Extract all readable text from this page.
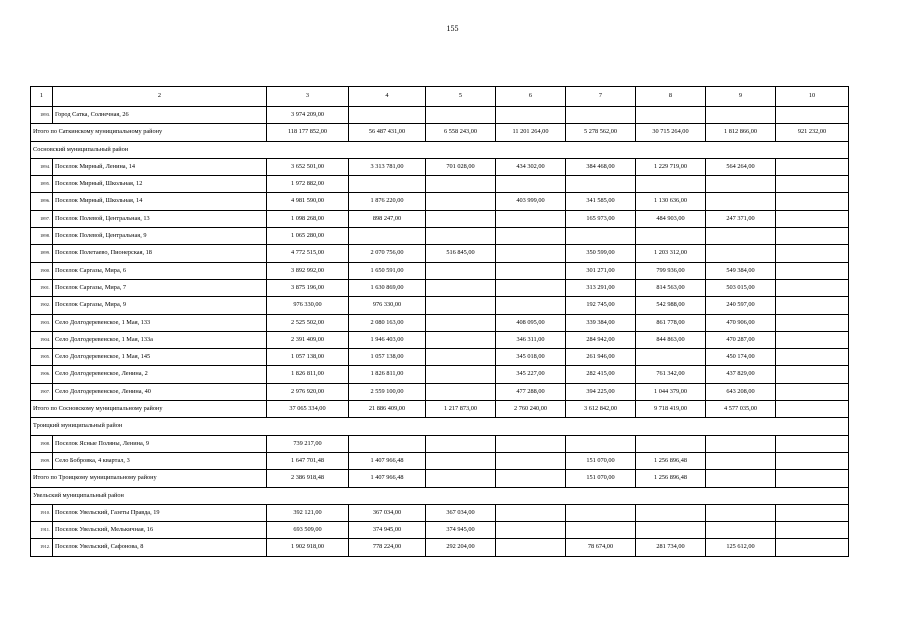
155
1	2	3	4	5	6	7	8	9	10
1893.	Город Сатка, Солнечная, 26	3 974 209,00							
Итого по Саткинскому муниципальному району		118 177 852,00	56 487 431,00	6 558 243,00	11 201 264,00	5 278 562,00	30 715 264,00	1 812 866,00	921 232,00
Сосновский муниципальный район									
1894.	Поселок Мирный, Ленина, 14	3 652 501,00	3 313 781,00	701 028,00	434 302,00	384 468,00	1 229 719,00	564 264,00	
1895.	Поселок Мирный, Школьная, 12	1 972 882,00							
1896.	Поселок Мирный, Школьная, 14	4 981 590,00	1 876 220,00		403 999,00	341 585,00	1 130 636,00		
1897.	Поселок Полевой, Центральная, 13	1 098 268,00	898 247,00			165 973,00	484 903,00	247 371,00	
1898.	Поселок Полевой, Центральная, 9	1 065 280,00							
1899.	Поселок Полетаево, Пионерская, 18	4 772 515,00	2 070 756,00	516 845,00		350 599,00	1 203 312,00		
1900.	Поселок Саргазы, Мира, 6	3 892 992,00	1 650 591,00			301 271,00	799 936,00	549 384,00	
1901.	Поселок Саргазы, Мира, 7	3 875 196,00	1 630 869,00			313 291,00	814 563,00	503 015,00	
1902.	Поселок Саргазы, Мира, 9	976 330,00	976 330,00			192 745,00	542 988,00	240 597,00	
1903.	Село Долгодеревенское, 1 Мая, 133	2 525 502,00	2 080 163,00		408 095,00	339 384,00	861 778,00	470 906,00	
1904.	Село Долгодеревенское, 1 Мая, 133а	2 391 409,00	1 946 403,00		346 311,00	284 942,00	844 863,00	470 287,00	
1905.	Село Долгодеревенское, 1 Мая, 145	1 057 138,00	1 057 138,00		345 018,00	261 946,00		450 174,00	
1906.	Село Долгодеревенское, Ленина, 2	1 826 811,00	1 826 811,00		345 227,00	282 415,00	761 342,00	437 829,00	
1907.	Село Долгодеревенское, Ленина, 40	2 976 920,00	2 559 100,00		477 288,00	394 225,00	1 044 379,00	643 208,00	
Итого по Сосновскому муниципальному району		37 065 334,00	21 886 409,00	1 217 873,00	2 760 240,00	3 612 842,00	9 718 419,00	4 577 035,00	
Троицкий муниципальный район									
1908.	Поселок Ясные Поляны, Ленина, 9	739 217,00							
1909.	Село Бобровка, 4 квартал, 3	1 647 701,48	1 407 966,48			151 070,00	1 256 896,48		
Итого по Троицкому муниципальному району		2 386 918,48	1 407 966,48			151 070,00	1 256 896,48		
Увельский муниципальный район									
1910.	Поселок Увельский, Газеты Правда, 19	392 121,00	367 034,00	367 034,00					
1911.	Поселок Увельский, Мелькичная, 16	693 509,00	374 945,00	374 945,00					
1912.	Поселок Увельский, Сафонова, 8	1 902 918,00	778 224,00	292 204,00		78 674,00	281 734,00	125 612,00	
